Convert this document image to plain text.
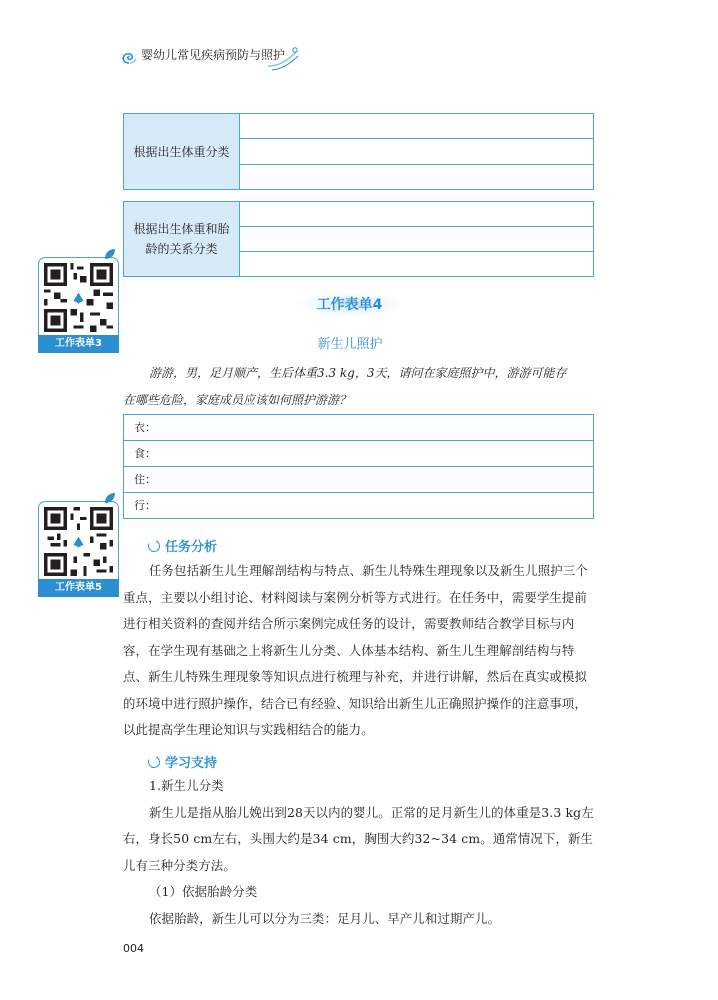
婴幼儿常见疾病预防与照护
根据出生体重分类
根据出生体重和胎龄的关系分类
工作表单3
工作表单5
工作表单4
新生儿照护

游游，男，足月顺产，生后体重3.3 kg，3天，请问在家庭照护中，游游可能存

在哪些危险，家庭成员应该如何照护游游？

衣：
食：
住：
行：
任务分析

任务包括新生儿生理解剖结构与特点、新生儿特殊生理现象以及新生儿照护三个重点，主要以小组讨论、材料阅读与案例分析等方式进行。在任务中，需要学生提前进行相关资料的查阅并结合所示案例完成任务的设计，需要教师结合教学目标与内容，在学生现有基础之上将新生儿分类、人体基本结构、新生儿生理解剖结构与特点、新生儿特殊生理现象等知识点进行梳理与补充，并进行讲解，然后在真实或模拟的环境中进行照护操作，结合已有经验、知识给出新生儿正确照护操作的注意事项，以此提高学生理论知识与实践相结合的能力。

学习支持

1.新生儿分类

新生儿是指从胎儿娩出到28天以内的婴儿。正常的足月新生儿的体重是3.3 kg左右，身长50 cm左右，头围大约是34 cm，胸围大约32~34 cm。通常情况下，新生儿有三种分类方法。

（1）依据胎龄分类

依据胎龄，新生儿可以分为三类：足月儿、早产儿和过期产儿。

004
